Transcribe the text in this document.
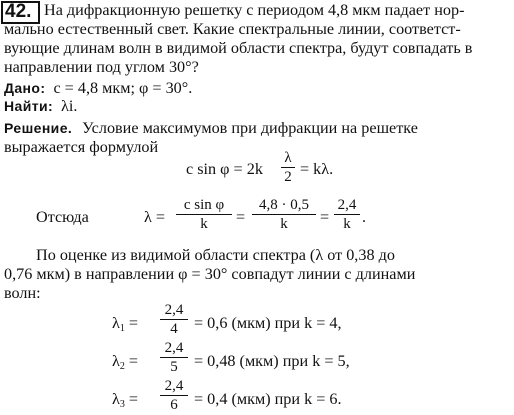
42. На дифракционную решетку с периодом 4,8 мкм падает нор-
мально естественный свет. Какие спектральные линии, соответст-
вующие длинам волн в видимой области спектра, будут совпадать в
направлении под углом 30°?
Дано: c = 4,8 мкм; φ = 30°.
Найти: λi.
Решение. Условие максимумов при дифракции на решетке
выражается формулой
c sin φ = 2k
λ
2 = kλ.
Отсюда	λ =
c sin φ
k	=
4,8 · 0,5
k	=
2,4
k .
По оценке из видимой области спектра (λ от 0,38 до
0,76 мкм) в направлении φ = 30° совпадут линии с длинами
волн:
$\lambda_1$ =
2,4
4	= 0,6 (мкм) при k = 4,
$\lambda_2$ =
2,4
5	= 0,48 (мкм) при k = 5,
$\lambda_3$ =
2,4
6	= 0,4 (мкм) при k = 6.
